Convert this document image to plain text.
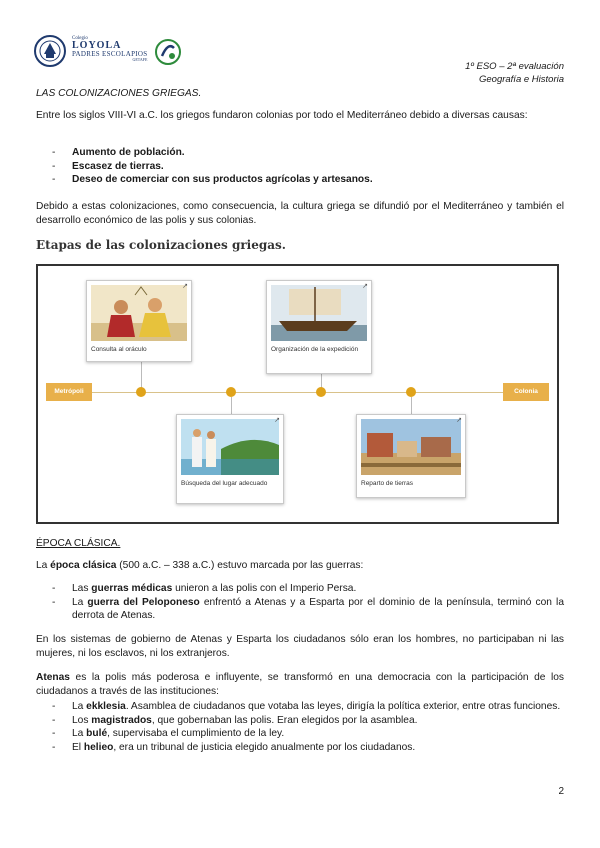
Colegio
LOYOLA
PADRES ESCOLAPIOS
GETAFE
1º ESO – 2ª evaluación
Geografía e Historia
LAS COLONIZACIONES GRIEGAS.
Entre los siglos VIII-VI a.C. los griegos fundaron colonias por todo el Mediterráneo debido a diversas causas:
- Aumento de población.
- Escasez de tierras.
- Deseo de comerciar con sus productos agrícolas y artesanos.
Debido a estas colonizaciones, como consecuencia, la cultura griega se difundió por el Mediterráneo y también el desarrollo económico de las polis y sus colonias.
Etapas de las colonizaciones griegas.
Metrópoli	Colonia
Consulta al oráculo
↗
Organización de la expedición
↗
Búsqueda del lugar adecuado
↗
Reparto de tierras
↗
ÉPOCA CLÁSICA.
La época clásica (500 a.C. – 338 a.C.) estuvo marcada por las guerras:
- Las guerras médicas unieron a las polis con el Imperio Persa.
- La guerra del Peloponeso enfrentó a Atenas y a Esparta por el dominio de la península, terminó con la derrota de Atenas.
En los sistemas de gobierno de Atenas y Esparta los ciudadanos sólo eran los hombres, no participaban ni las mujeres, ni los esclavos, ni los extranjeros.
Atenas es la polis más poderosa e influyente, se transformó en una democracia con la participación de los ciudadanos a través de las instituciones:
- La ekklesia. Asamblea de ciudadanos que votaba las leyes, dirigía la política exterior, entre otras funciones.
- Los magistrados, que gobernaban las polis. Eran elegidos por la asamblea.
- La bulé, supervisaba el cumplimiento de la ley.
- El helieo, era un tribunal de justicia elegido anualmente por los ciudadanos.
2
